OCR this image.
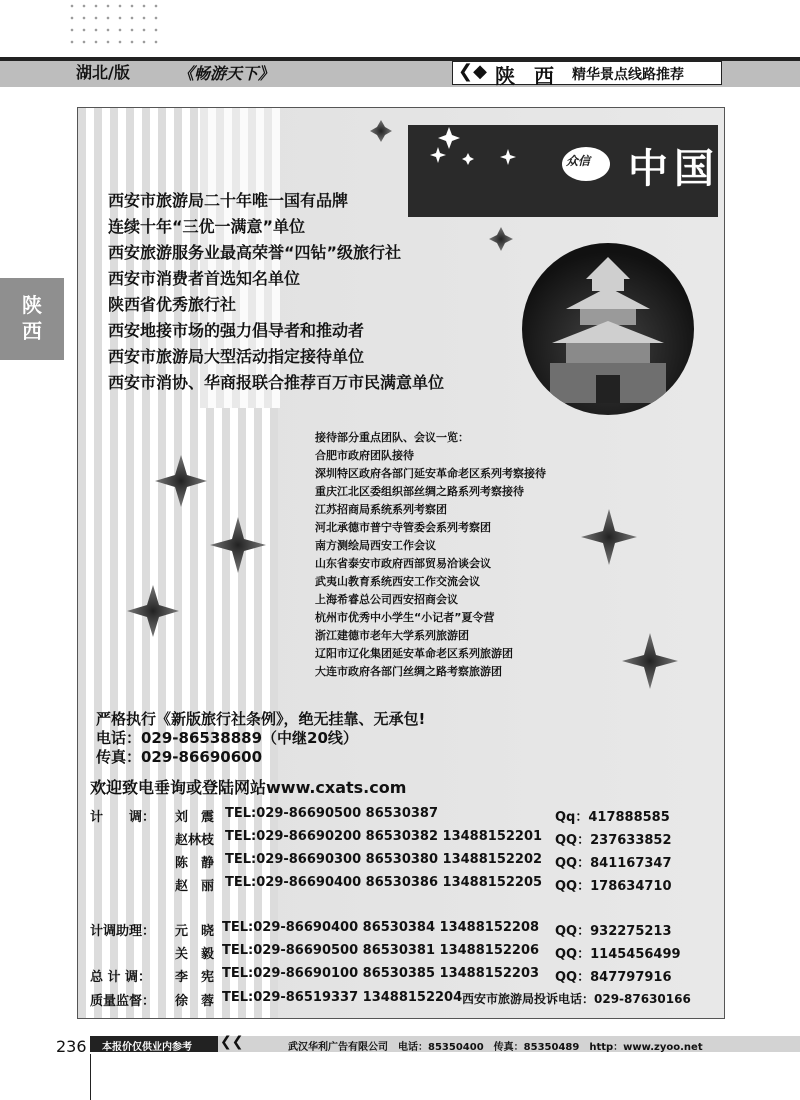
湖北/版	《畅游天下》	❮◆ 陕 西 精华景点线路推荐
陕
西
众信 中国
西安市旅游局二十年唯一国有品牌
连续十年“三优一满意”单位
西安旅游服务业最高荣誉“四钻”级旅行社
西安市消费者首选知名单位
陕西省优秀旅行社
西安地接市场的强力倡导者和推动者
西安市旅游局大型活动指定接待单位
西安市消协、华商报联合推荐百万市民满意单位
接待部分重点团队、会议一览：
合肥市政府团队接待
深圳特区政府各部门延安革命老区系列考察接待
重庆江北区委组织部丝绸之路系列考察接待
江苏招商局系统系列考察团
河北承德市普宁寺管委会系列考察团
南方测绘局西安工作会议
山东省泰安市政府西部贸易洽谈会议
武夷山教育系统西安工作交流会议
上海希睿总公司西安招商会议
杭州市优秀中小学生“小记者”夏令营
浙江建德市老年大学系列旅游团
辽阳市辽化集团延安革命老区系列旅游团
大连市政府各部门丝绸之路考察旅游团
严格执行《新版旅行社条例》，绝无挂靠、无承包!
电话：029-86538889（中继20线）
传真：029-86690600
欢迎致电垂询或登陆网站www.cxats.com
计　　调： 刘　震 TEL:029-86690500 86530387	Qq：417888585
赵林枝 TEL:029-86690200 86530382 13488152201 QQ：237633852
陈　静 TEL:029-86690300 86530380 13488152202 QQ：841167347
赵　丽 TEL:029-86690400 86530386 13488152205 QQ：178634710
计调助理： 元　晓 TEL:029-86690400 86530384 13488152208 QQ：932275213
关　毅 TEL:029-86690500 86530381 13488152206 QQ：1145456499
总 计 调： 李　宪 TEL:029-86690100 86530385 13488152203 QQ：847797916
质量监督： 徐　蓉 TEL:029-86519337 13488152204 西安市旅游局投诉电话：029-87630166
236 本报价仅供业内参考 ❮❮	武汉华利广告有限公司　电话：85350400　传真：85350489　http：www.zyoo.net
